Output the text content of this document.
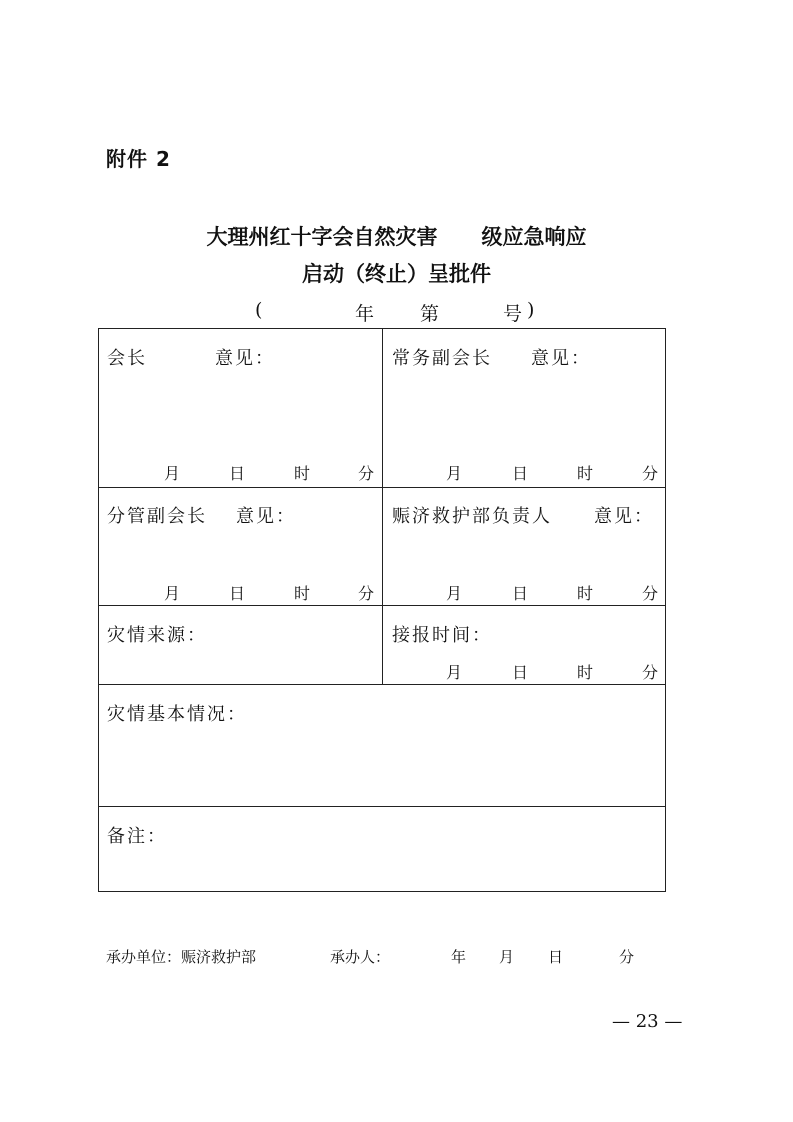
附件 2
大理州红十字会自然灾害 级应急响应
启动（终止）呈批件
(	年 第	号 )
会长	意见：
月	日	时	分
常务副会长 意见：
月	日	时	分
分管副会长 意见：
月	日	时	分
赈济救护部负责人 意见：
月	日	时	分
灾情来源：	接报时间：
月	日	时	分
灾情基本情况：
备注：
承办单位：赈济救护部	承办人：	年 月 日	分
— 23 —
